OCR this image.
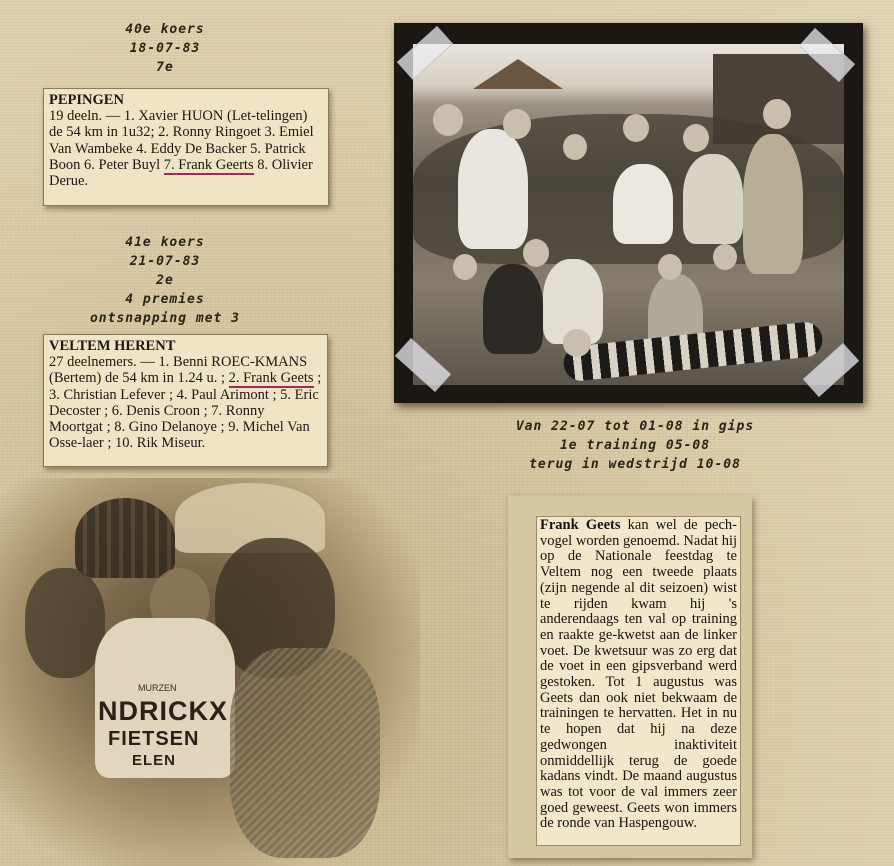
40e koers
18-07-83
7e
PEPINGEN
19 deeln. — 1. Xavier HUON (Let-telingen) de 54 km in 1u32; 2. Ronny Ringoet 3. Emiel Van Wambeke 4. Eddy De Backer 5. Patrick Boon 6. Peter Buyl 7. Frank Geerts 8. Olivier Derue.
41e koers
21-07-83
2e
4 premies
ontsnapping met 3
VELTEM HERENT
27 deelnemers. — 1. Benni ROEC-KMANS (Bertem) de 54 km in 1.24 u. ; 2. Frank Geets ; 3. Christian Lefever ; 4. Paul Arimont ; 5. Eric Decoster ; 6. Denis Croon ; 7. Ronny Moortgat ; 8. Gino Delanoye ; 9. Michel Van Osse-laer ; 10. Rik Miseur.
Van 22-07 tot 01-08 in gips
1e training 05-08
terug in wedstrijd 10-08
MURZEN
NDRICKX
FIETSEN
ELEN
Frank Geets kan wel de pech-vogel worden genoemd. Nadat hij op de Nationale feestdag te Veltem nog een tweede plaats (zijn negende al dit seizoen) wist te rijden kwam hij 's anderendaags ten val op training en raakte ge-kwetst aan de linker voet. De kwetsuur was zo erg dat de voet in een gipsverband werd gestoken. Tot 1 augustus was Geets dan ook niet bekwaam de trainingen te hervatten. Het in nu te hopen dat hij na deze gedwongen inaktiviteit onmiddellijk terug de goede kadans vindt. De maand augustus was tot voor de val immers zeer goed geweest. Geets won immers de ronde van Haspengouw.
